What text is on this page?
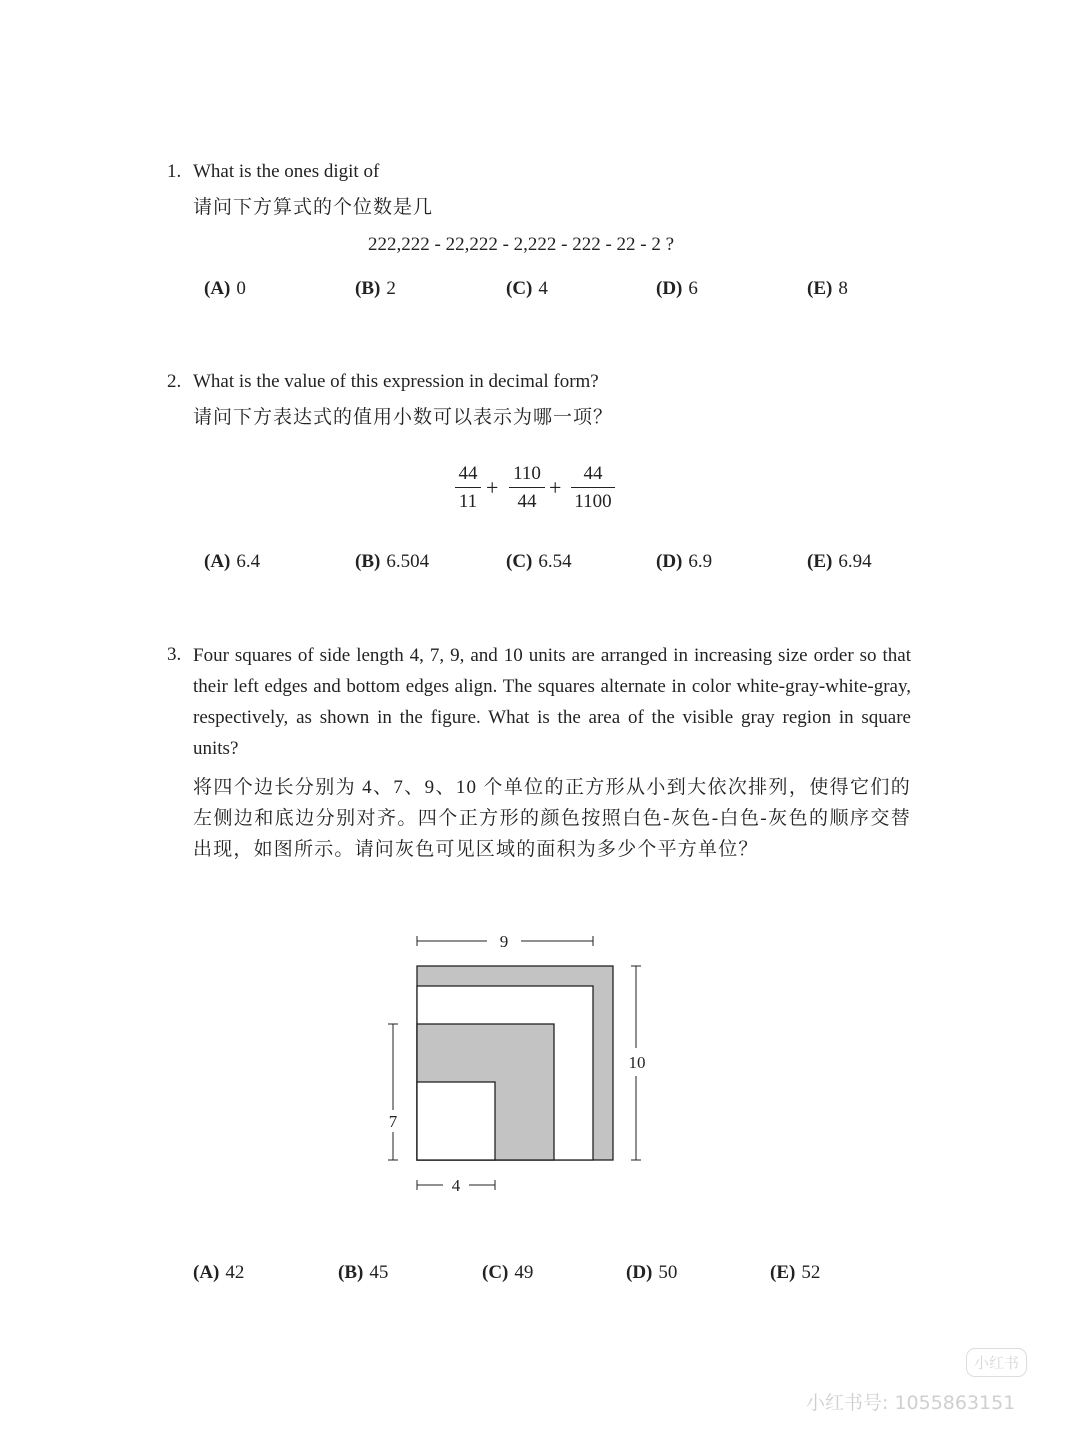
1. What is the ones digit of
请问下方算式的个位数是几
222,222 - 22,222 - 2,222 - 222 - 22 - 2 ?
(A) 0	(B) 2	(C) 4	(D) 6	(E) 8
2. What is the value of this expression in decimal form?
请问下方表达式的值用小数可以表示为哪一项？
$\frac{44}{11} + \frac{110}{44} + \frac{44}{1100}$
(A) 6.4	(B) 6.504	(C) 6.54	(D) 6.9	(E) 6.94
3. Four squares of side length 4, 7, 9, and 10 units are arranged in increasing size order so that their left edges and bottom edges align. The squares alternate in color white-gray-white-gray, respectively, as shown in the figure. What is the area of the visible gray region in square units?
将四个边长分别为 4、7、9、10 个单位的正方形从小到大依次排列，使得它们的左侧边和底边分别对齐。四个正方形的颜色按照白色-灰色-白色-灰色的顺序交替出现，如图所示。请问灰色可见区域的面积为多少个平方单位？
9
10
7
4
(A) 42	(B) 45	(C) 49	(D) 50	(E) 52
小红书
小红书号: 1055863151
